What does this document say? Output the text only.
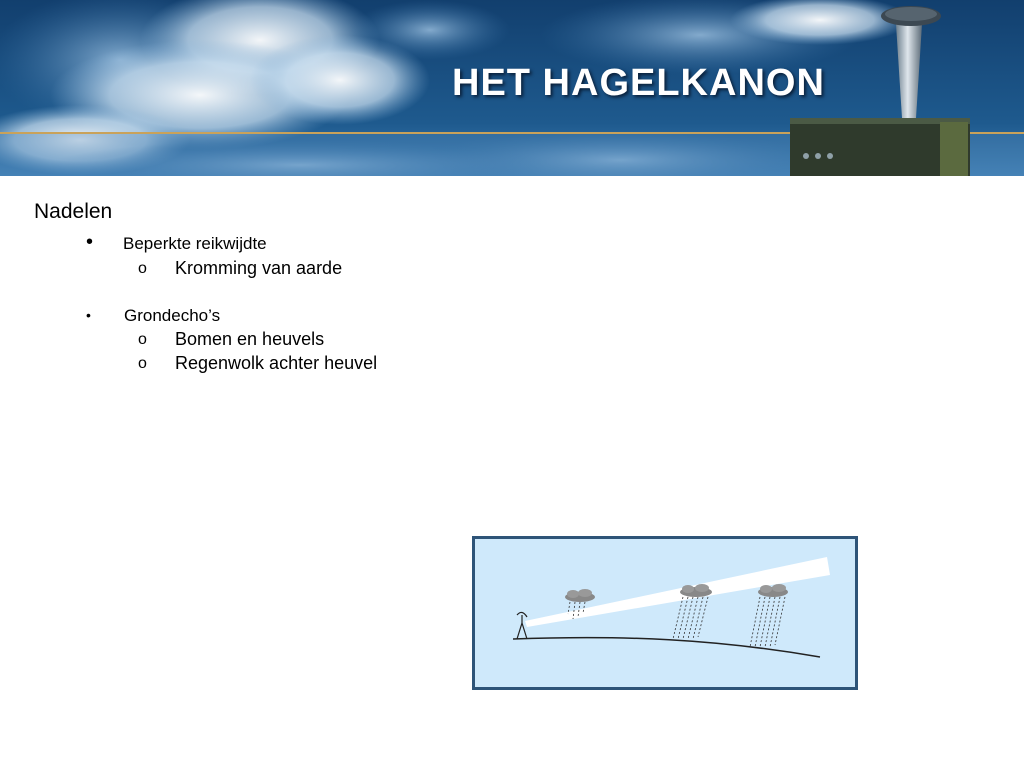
HET HAGELKANON
Nadelen
• Beperkte reikwijdte
o Kromming van aarde
• Grondecho’s
o Bomen en heuvels
o Regenwolk achter heuvel
